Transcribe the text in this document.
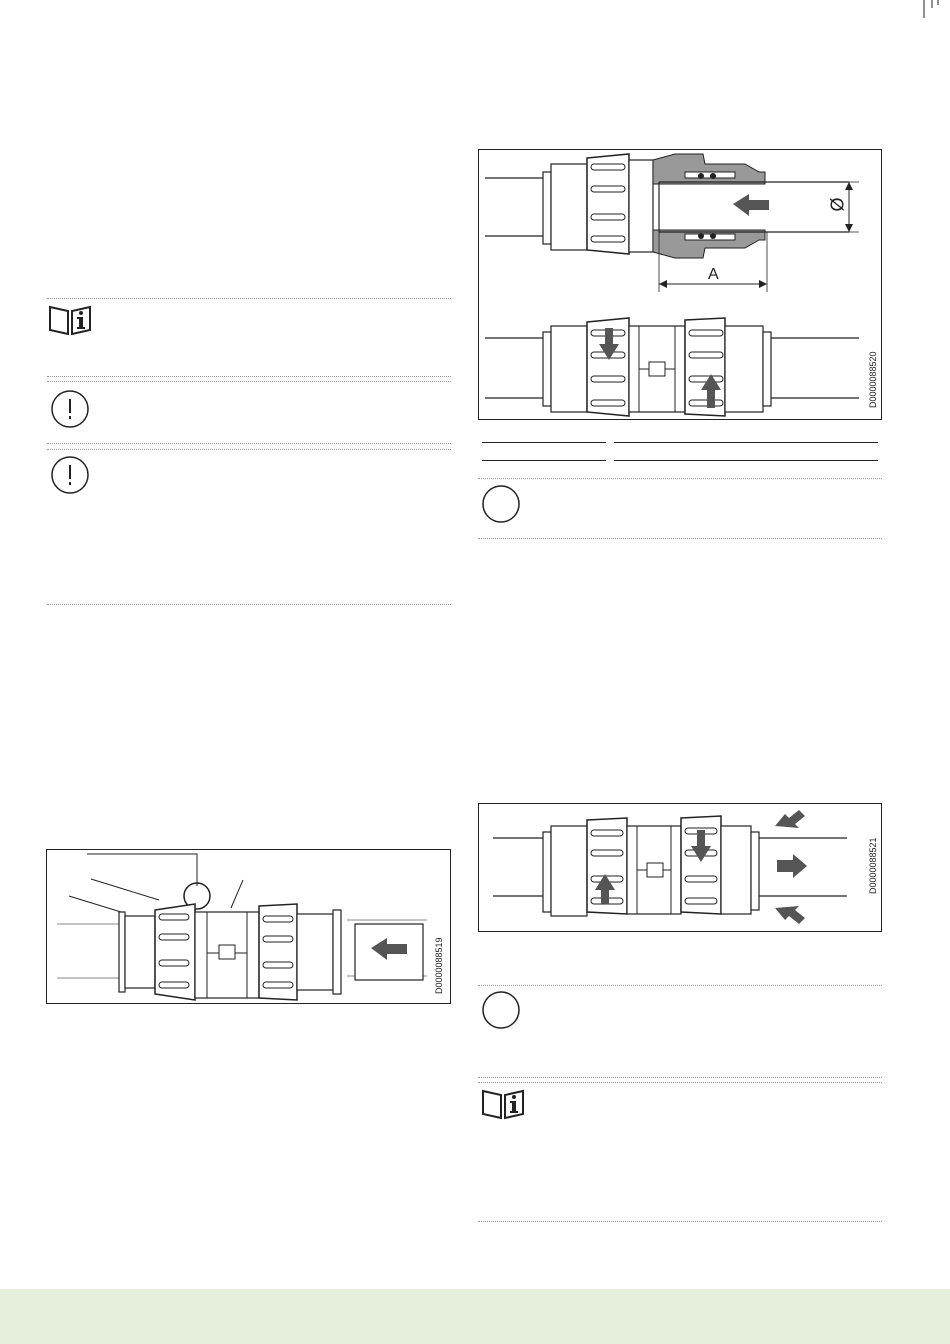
D0000088519
Ø
A
D0000088520
D0000088521
